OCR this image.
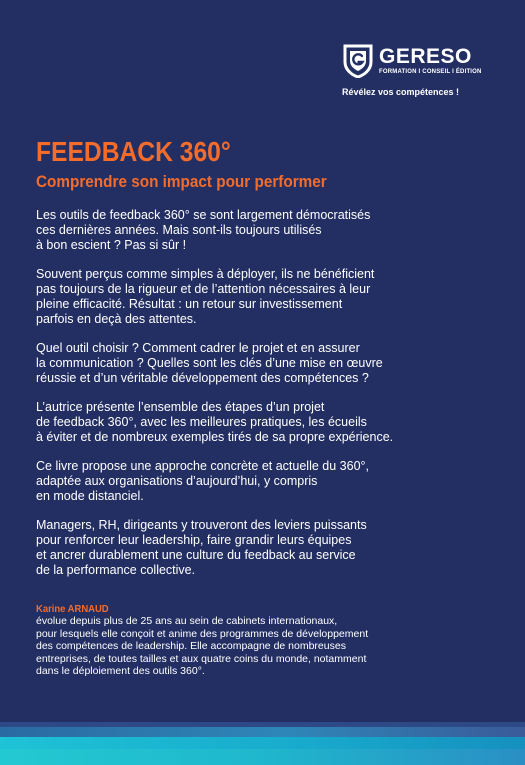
GERESO
FORMATION I CONSEIL I ÉDITION
Révélez vos compétences !
FEEDBACK 360°
Comprendre son impact pour performer

Les outils de feedback 360° se sont largement démocratisés
ces dernières années. Mais sont-ils toujours utilisés
à bon escient ? Pas si sûr !

Souvent perçus comme simples à déployer, ils ne bénéficient
pas toujours de la rigueur et de l’attention nécessaires à leur
pleine efficacité. Résultat : un retour sur investissement
parfois en deçà des attentes.

Quel outil choisir ? Comment cadrer le projet et en assurer
la communication ? Quelles sont les clés d’une mise en œuvre
réussie et d’un véritable développement des compétences ?

L’autrice présente l’ensemble des étapes d’un projet
de feedback 360°, avec les meilleures pratiques, les écueils
à éviter et de nombreux exemples tirés de sa propre expérience.

Ce livre propose une approche concrète et actuelle du 360°,
adaptée aux organisations d’aujourd’hui, y compris
en mode distanciel.

Managers, RH, dirigeants y trouveront des leviers puissants
pour renforcer leur leadership, faire grandir leurs équipes
et ancrer durablement une culture du feedback au service
de la performance collective.

Karine ARNAUD
évolue depuis plus de 25 ans au sein de cabinets internationaux,
pour lesquels elle conçoit et anime des programmes de développement
des compétences de leadership. Elle accompagne de nombreuses
entreprises, de toutes tailles et aux quatre coins du monde, notamment
dans le déploiement des outils 360°.
